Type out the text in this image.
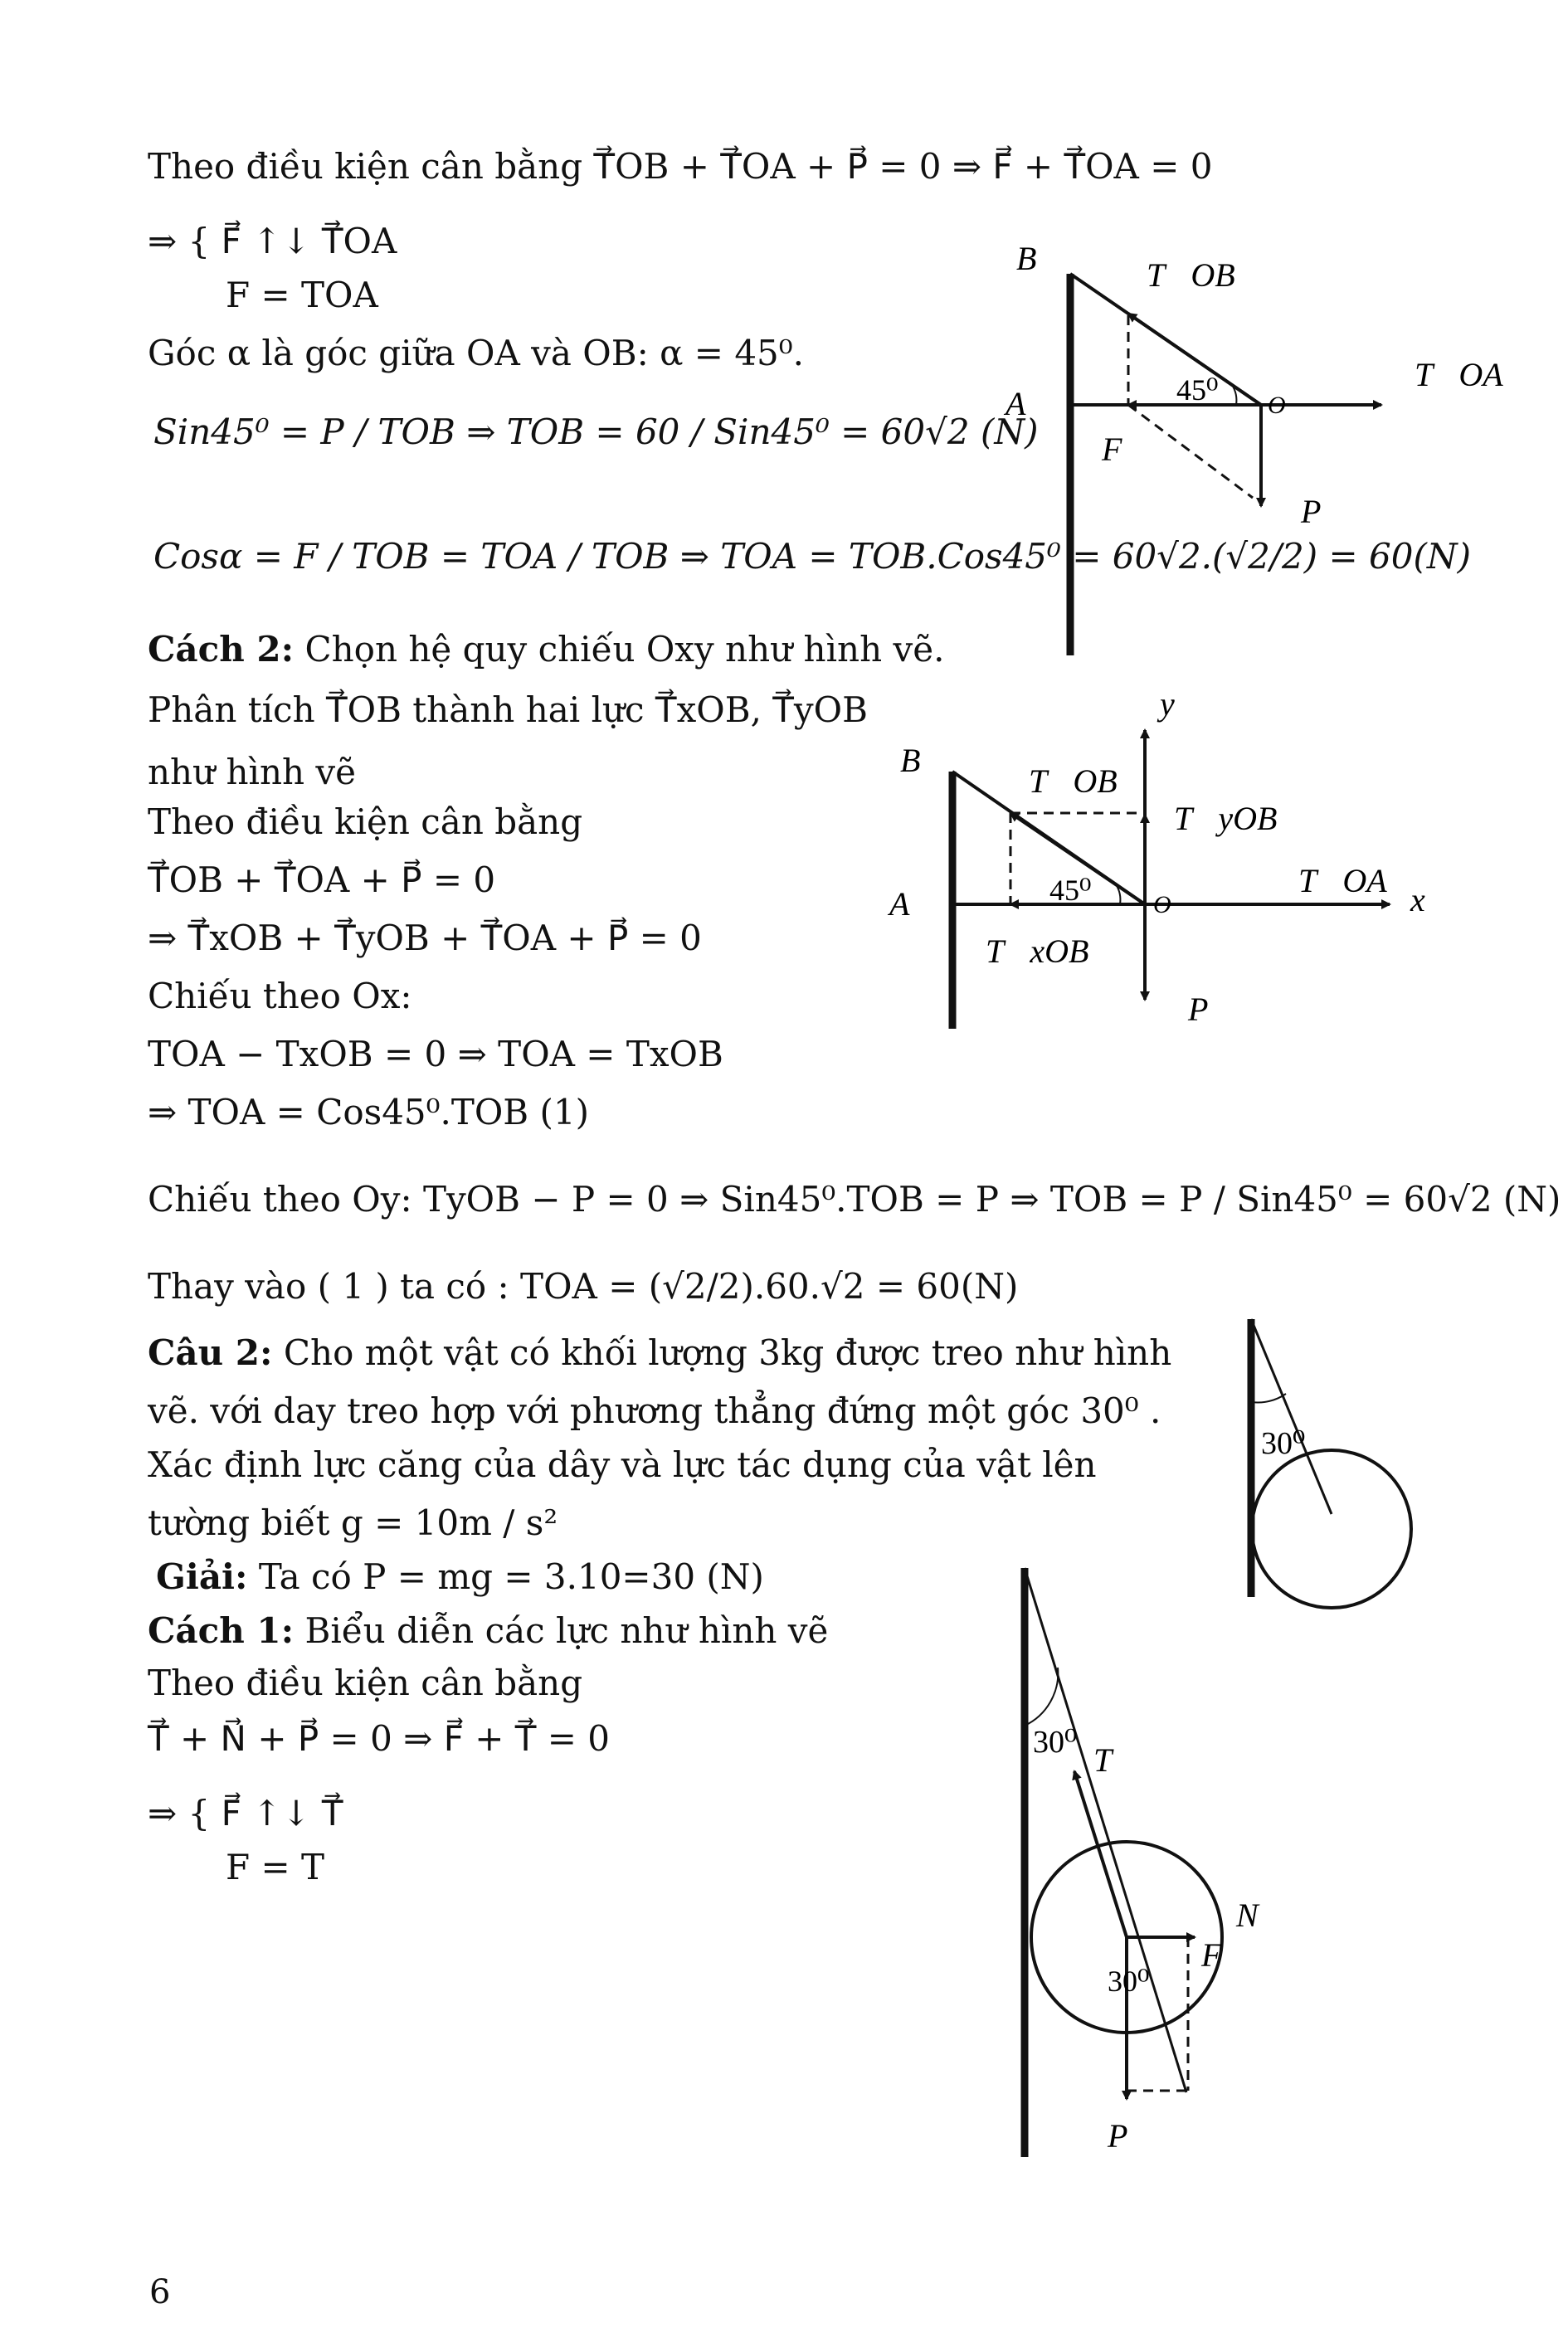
Theo điều kiện cân bằng T⃗OB + T⃗OA + P⃗ = 0 ⇒ F⃗ + T⃗OA = 0
⇒ { F⃗ ↑↓ T⃗OA
F = TOA
Góc α là góc giữa OA và OB: α = 45⁰.
Sin45⁰ = P / TOB ⇒ TOB = 60 / Sin45⁰ = 60√2 (N)
Cosα = F / TOB = TOA / TOB ⇒ TOA = TOB.Cos45⁰ = 60√2.(√2/2) = 60(N)
Cách 2: Chọn hệ quy chiếu Oxy như hình vẽ.
Phân tích T⃗OB thành hai lực T⃗xOB, T⃗yOB
như hình vẽ
Theo điều kiện cân bằng
T⃗OB + T⃗OA + P⃗ = 0
⇒ T⃗xOB + T⃗yOB + T⃗OA + P⃗ = 0
Chiếu theo Ox:
TOA − TxOB = 0 ⇒ TOA = TxOB
⇒ TOA = Cos45⁰.TOB (1)
Chiếu theo Oy: TyOB − P = 0 ⇒ Sin45⁰.TOB = P ⇒ TOB = P / Sin45⁰ = 60√2 (N)
Thay vào ( 1 ) ta có : TOA = (√2/2).60.√2 = 60(N)
Câu 2: Cho một vật có khối lượng 3kg được treo như hình
vẽ. với day treo hợp với phương thẳng đứng một góc 30⁰ .
Xác định lực căng của dây và lực tác dụng của vật lên
tường biết g = 10m / s²
Giải: Ta có P = mg = 3.10=30 (N)
Cách 1: Biểu diễn các lực như hình vẽ
Theo điều kiện cân bằng
T⃗ + N⃗ + P⃗ = 0 ⇒ F⃗ + T⃗ = 0
⇒ { F⃗ ↑↓ T⃗
F = T
B
A	O
T⃗OB
T⃗OA
F⃗
P⃗
45⁰
B
A	O
y
x
T⃗OB
T⃗yOB
T⃗OA
T⃗xOB
P⃗
45⁰
30⁰
30⁰ T⃗
N⃗
F⃗
30⁰
P⃗
6
